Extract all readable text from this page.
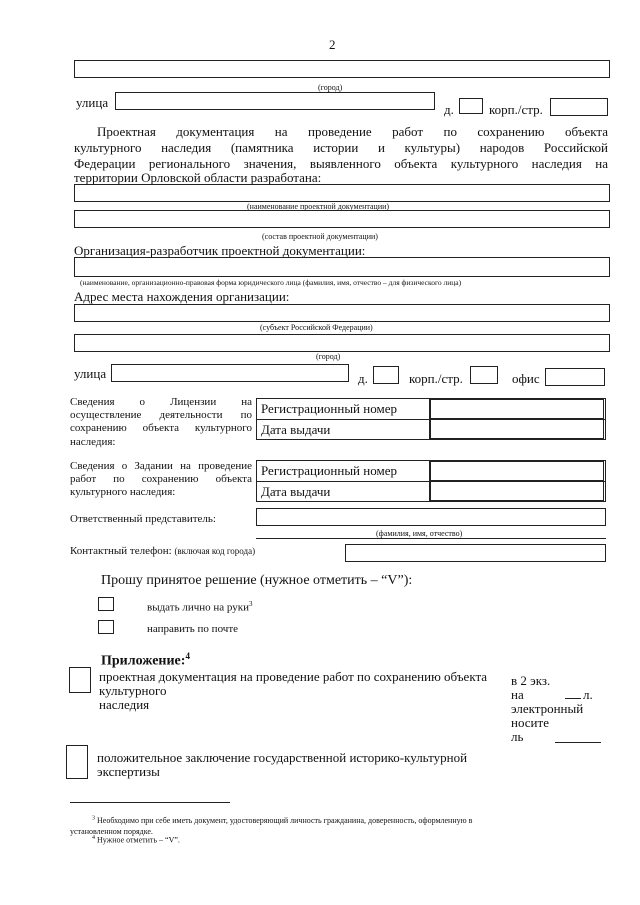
2
(город)
улица	д.	корп./стр.
Проектная документация на проведение работ по сохранению объекта
культурного наследия (памятника истории и культуры) народов Российской
Федерации регионального значения, выявленного объекта культурного наследия на
территории Орловской области разработана:
(наименование проектной документации)
(состав проектной документации)
Организация-разработчик проектной документации:
(наименование, организационно-правовая форма юридического лица (фамилия, имя, отчество – для физического лица)
Адрес места нахождения организации:
(субъект Российской Федерации)
(город)
улица	д.	корп./стр.	офис
Сведения о Лицензии на
осуществление деятельности по
сохранению объекта культурного
наследия:
Регистрационный номер
Дата выдачи
Сведения о Задании на проведение
работ по сохранению объекта
культурного наследия:
Регистрационный номер
Дата выдачи
Ответственный представитель:
(фамилия, имя, отчество)
Контактный телефон: (включая код города)
Прошу принятое решение (нужное отметить – “V”):
выдать лично на руки$^3$
направить по почте
Приложение:$^4$
проектная документация на проведение работ по сохранению объекта
культурного
наследия
в 2 экз.
на	л.
электронный
носите
ль
положительное заключение государственной историко-культурной
экспертизы
$^3$ Необходимо при себе иметь документ, удостоверяющий личность гражданина, доверенность, оформленную в
установленном порядке.
$^4$ Нужное отметить – “V”.
